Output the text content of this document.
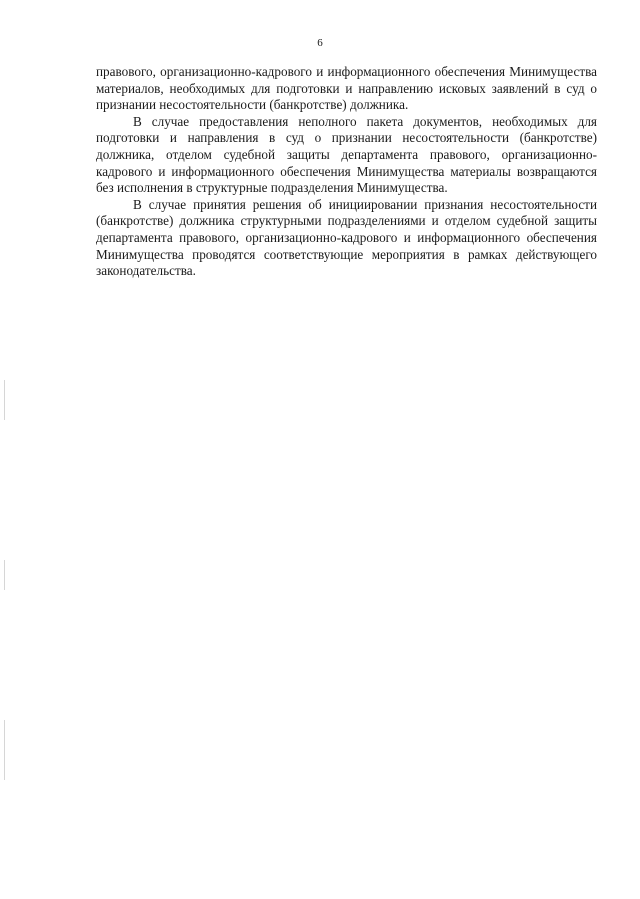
6

правового, организационно-кадрового и информационного обеспечения Минимущества материалов, необходимых для подготовки и направлению исковых заявлений в суд о признании несостоятельности (банкротстве) должника.

В случае предоставления неполного пакета документов, необходимых для подготовки и направления в суд о признании несостоятельности (банкротстве) должника, отделом судебной защиты департамента правового, организационно-кадрового и информационного обеспечения Минимущества материалы возвращаются без исполнения в структурные подразделения Минимущества.

В случае принятия решения об инициировании признания несостоятельности (банкротстве) должника структурными подразделениями и отделом судебной защиты департамента правового, организационно-кадрового и информационного обеспечения Минимущества проводятся соответствующие мероприятия в рамках действующего законодательства.
